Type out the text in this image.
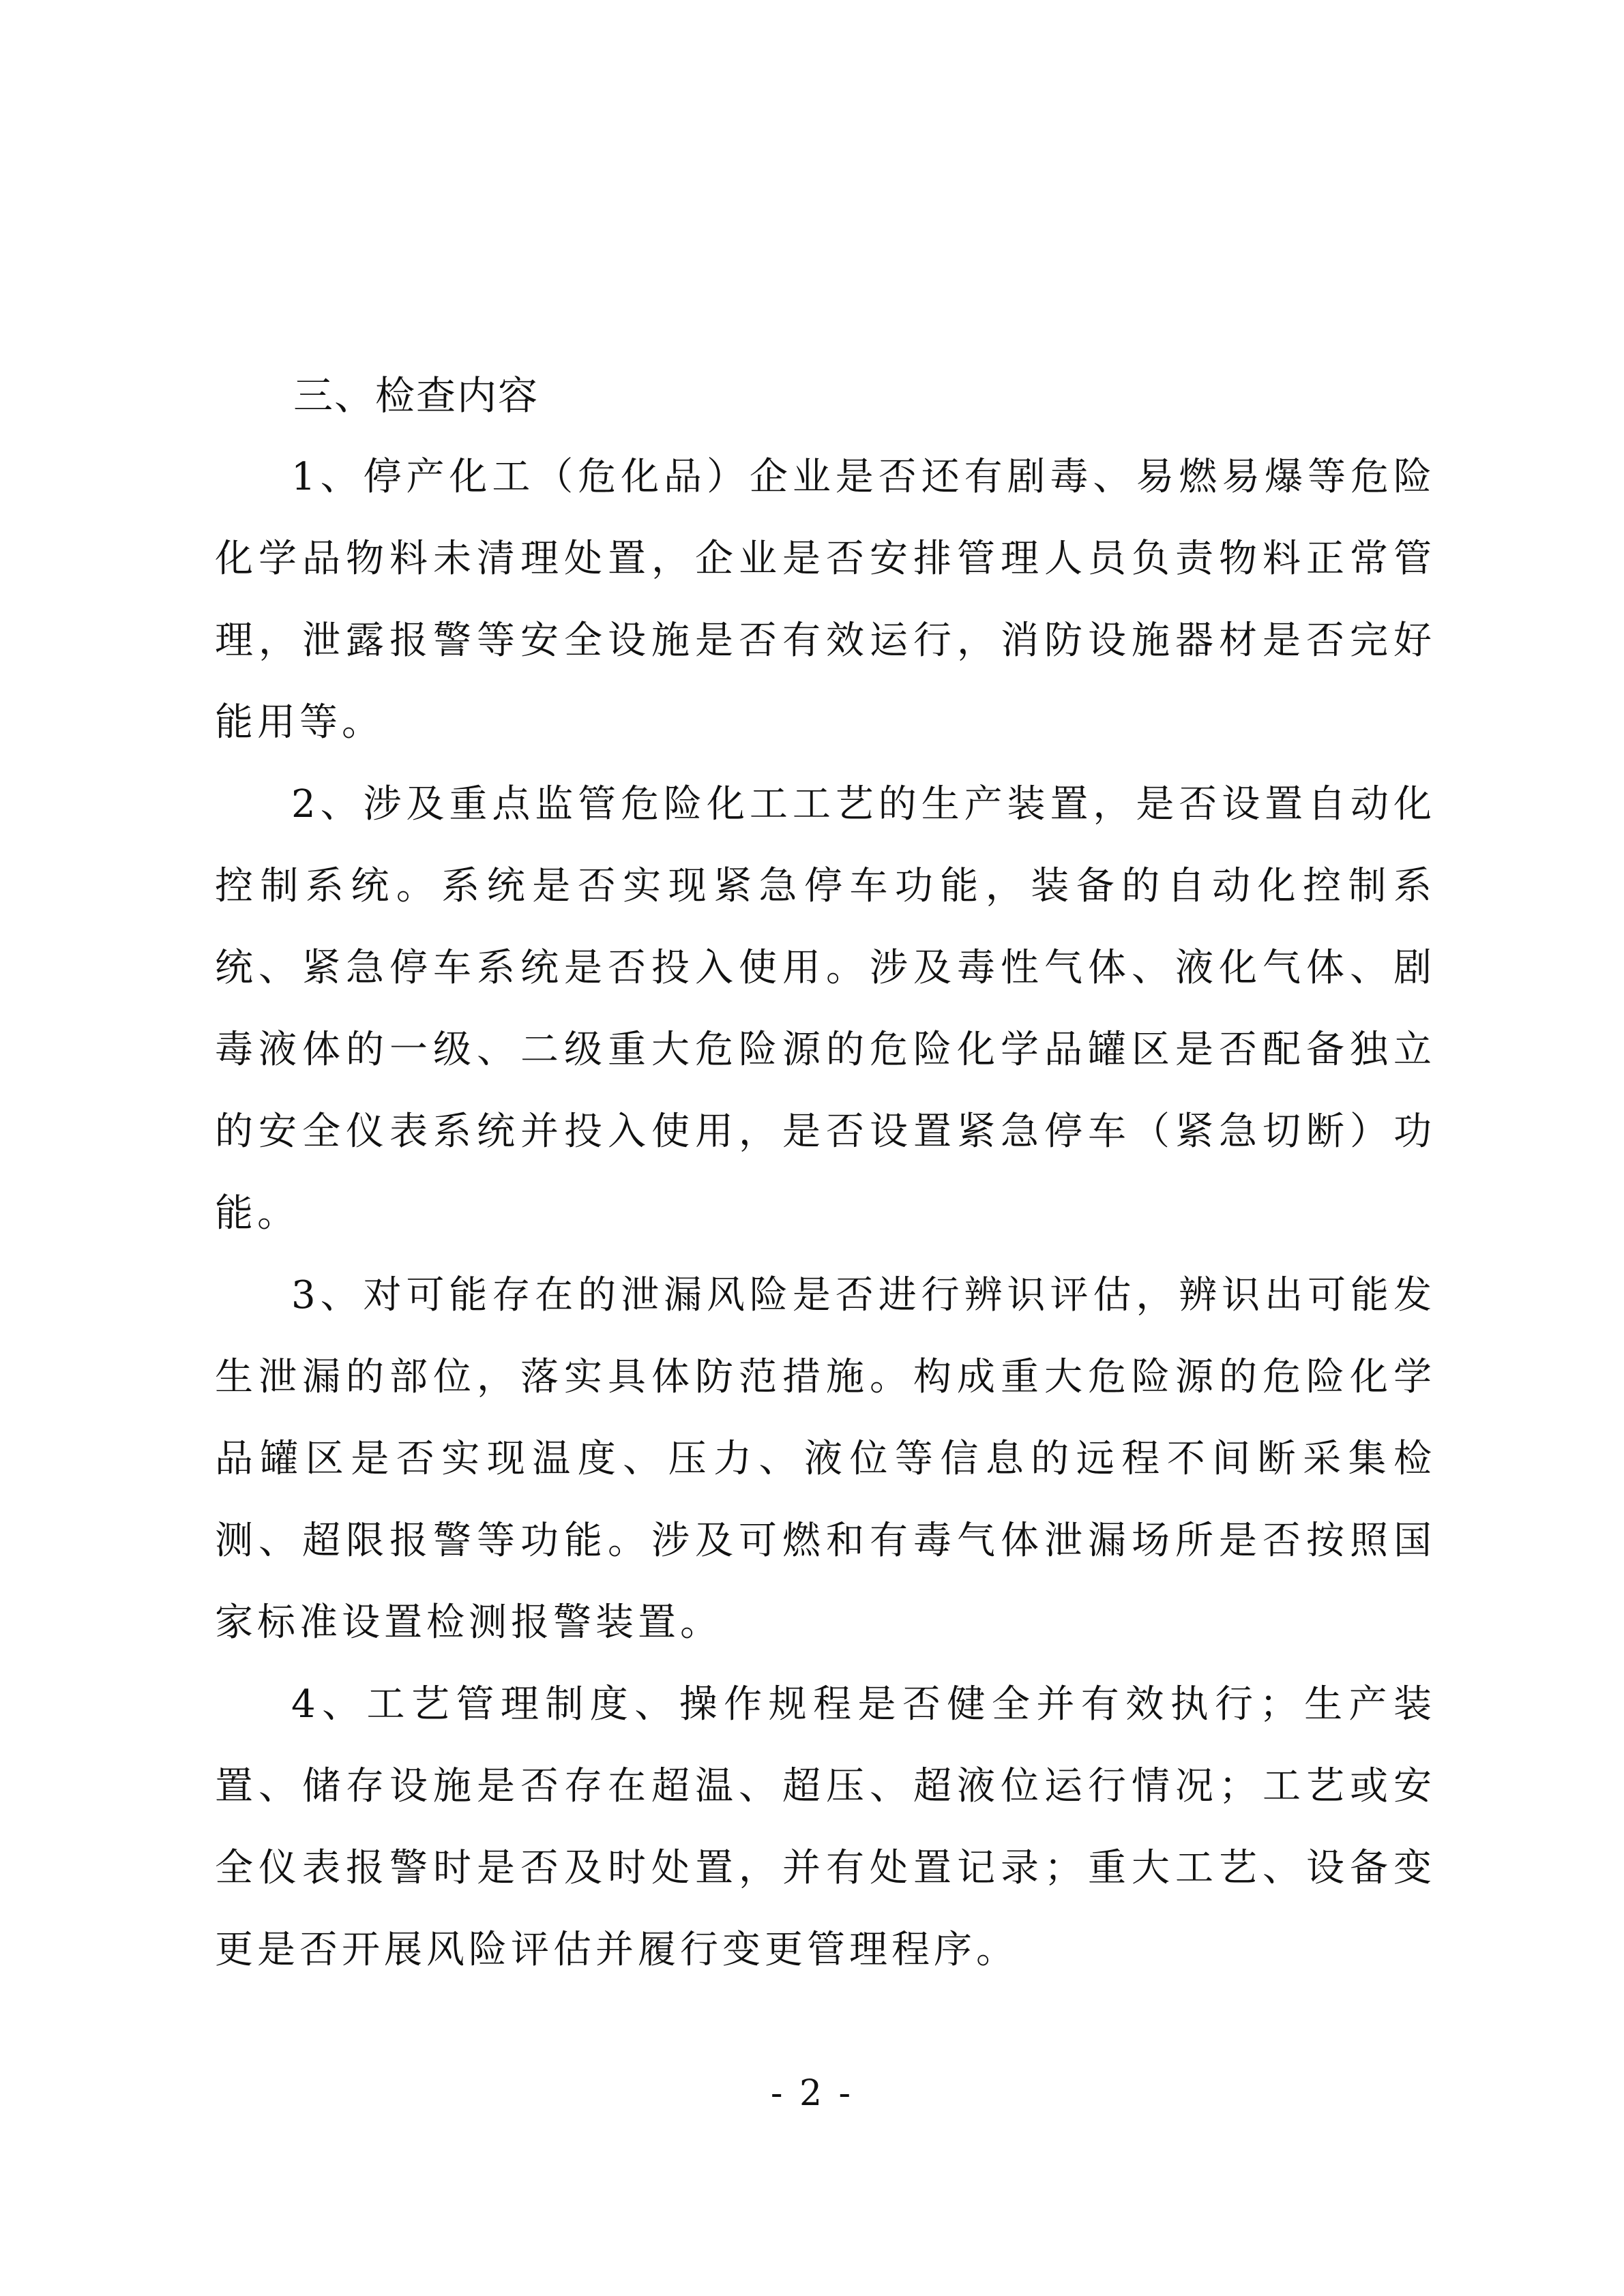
三、检查内容

1、停产化工（危化品）企业是否还有剧毒、易燃易爆等危险化学品物料未清理处置，企业是否安排管理人员负责物料正常管理，泄露报警等安全设施是否有效运行，消防设施器材是否完好能用等。

2、涉及重点监管危险化工工艺的生产装置，是否设置自动化控制系统。系统是否实现紧急停车功能，装备的自动化控制系统、紧急停车系统是否投入使用。涉及毒性气体、液化气体、剧毒液体的一级、二级重大危险源的危险化学品罐区是否配备独立的安全仪表系统并投入使用，是否设置紧急停车（紧急切断）功能。

3、对可能存在的泄漏风险是否进行辨识评估，辨识出可能发生泄漏的部位，落实具体防范措施。构成重大危险源的危险化学品罐区是否实现温度、压力、液位等信息的远程不间断采集检测、超限报警等功能。涉及可燃和有毒气体泄漏场所是否按照国家标准设置检测报警装置。

4、工艺管理制度、操作规程是否健全并有效执行；生产装置、储存设施是否存在超温、超压、超液位运行情况；工艺或安全仪表报警时是否及时处置，并有处置记录；重大工艺、设备变更是否开展风险评估并履行变更管理程序。

- 2 -
